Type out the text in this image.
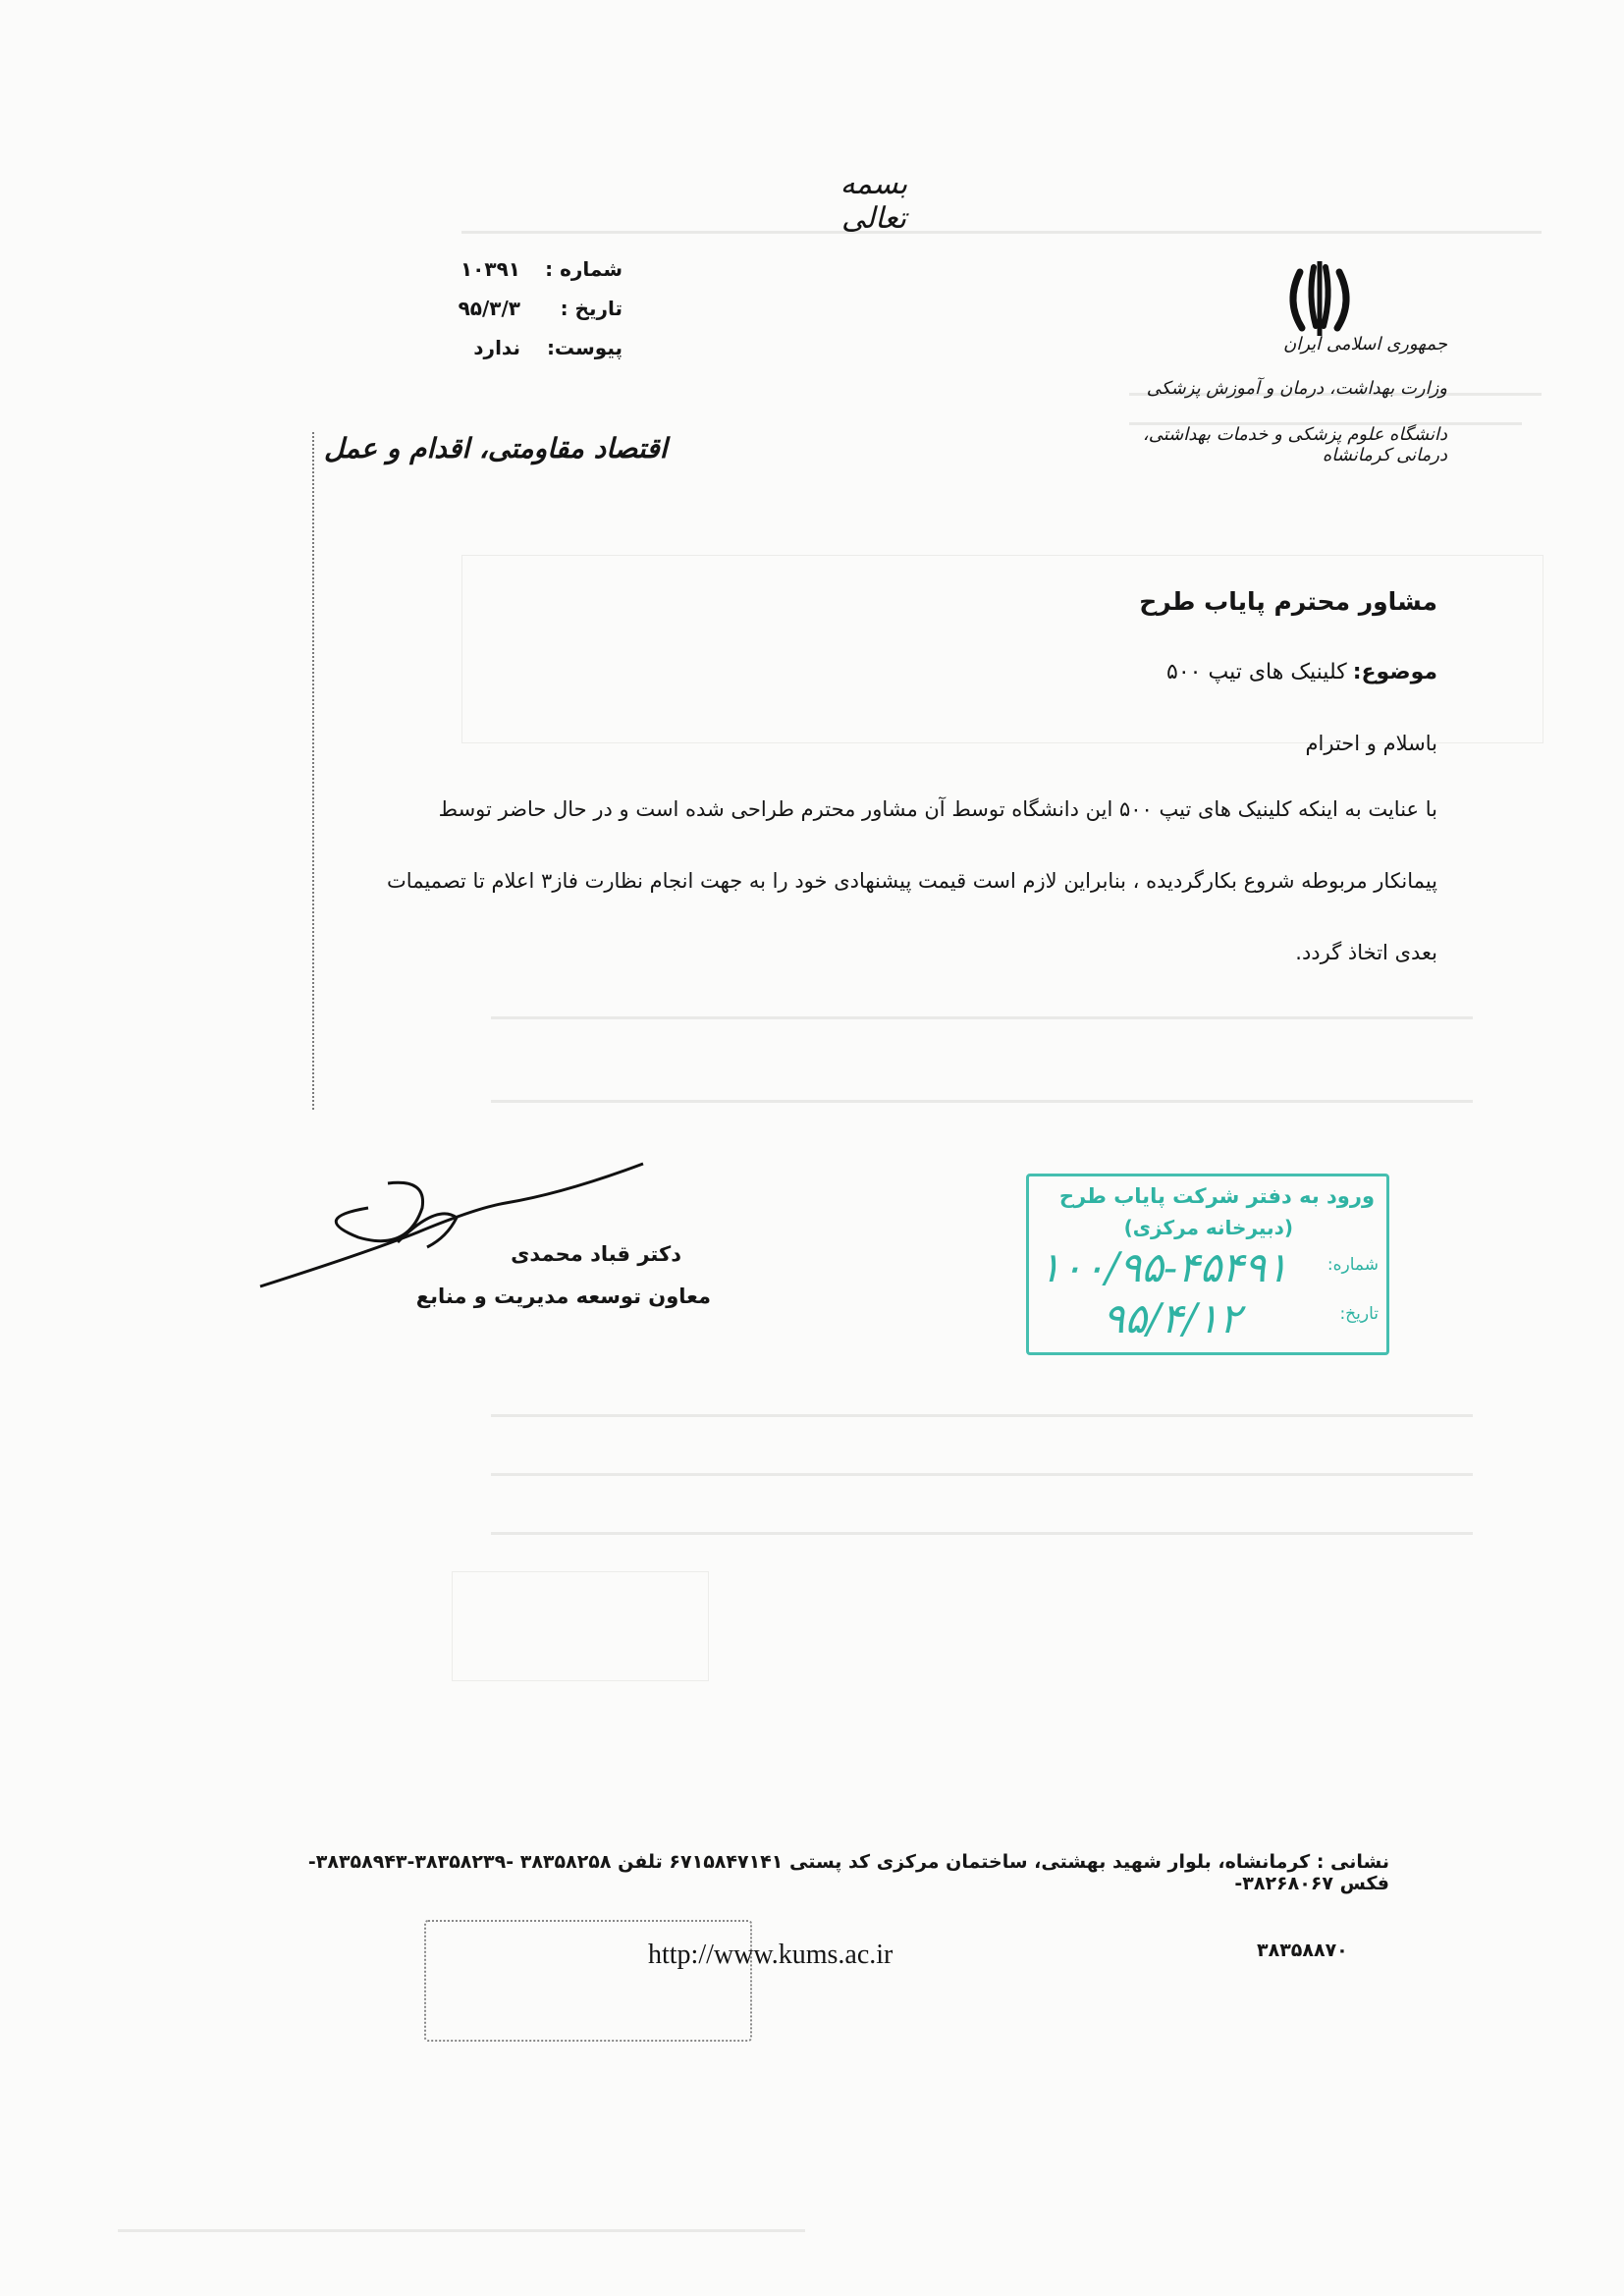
بسمه تعالی
شماره :
۱۰۳۹۱
تاریخ :
۹۵/۳/۳
پیوست:
ندارد	جمهوری اسلامی ایران
وزارت بهداشت، درمان و آموزش پزشکی
دانشگاه علوم پزشکی و خدمات بهداشتی، درمانی کرمانشاه
اقتصاد مقاومتی، اقدام و عمل
مشاور محترم پایاب طرح
موضوع:
کلینیک های تیپ ۵۰۰
باسلام و احترام
با عنایت به اینکه کلینیک های تیپ ۵۰۰ این دانشگاه توسط آن مشاور محترم طراحی شده است و در حال حاضر توسط
پیمانکار مربوطه شروع بکارگردیده ، بنابراین لازم است قیمت پیشنهادی خود را به جهت انجام نظارت فاز۳ اعلام تا تصمیمات
بعدی اتخاذ گردد.
دکتر قباد محمدی
معاون توسعه مدیریت و منابع
ورود به دفتر شرکت پایاب طرح
(دبیرخانه مرکزی)
شماره:
۱۰۰/۹۵-۴۵۴۹۱
تاریخ:
۹۵/۴/۱۲
نشانی : کرمانشاه، بلوار شهید بهشتی، ساختمان مرکزی کد پستی ۶۷۱۵۸۴۷۱۴۱ تلفن ۳۸۳۵۸۲۵۸ -۳۸۳۵۸۲۳۹-۳۸۳۵۸۹۴۳- فکس ۳۸۲۶۸۰۶۷-
۳۸۳۵۸۸۷۰
http://www.kums.ac.ir
